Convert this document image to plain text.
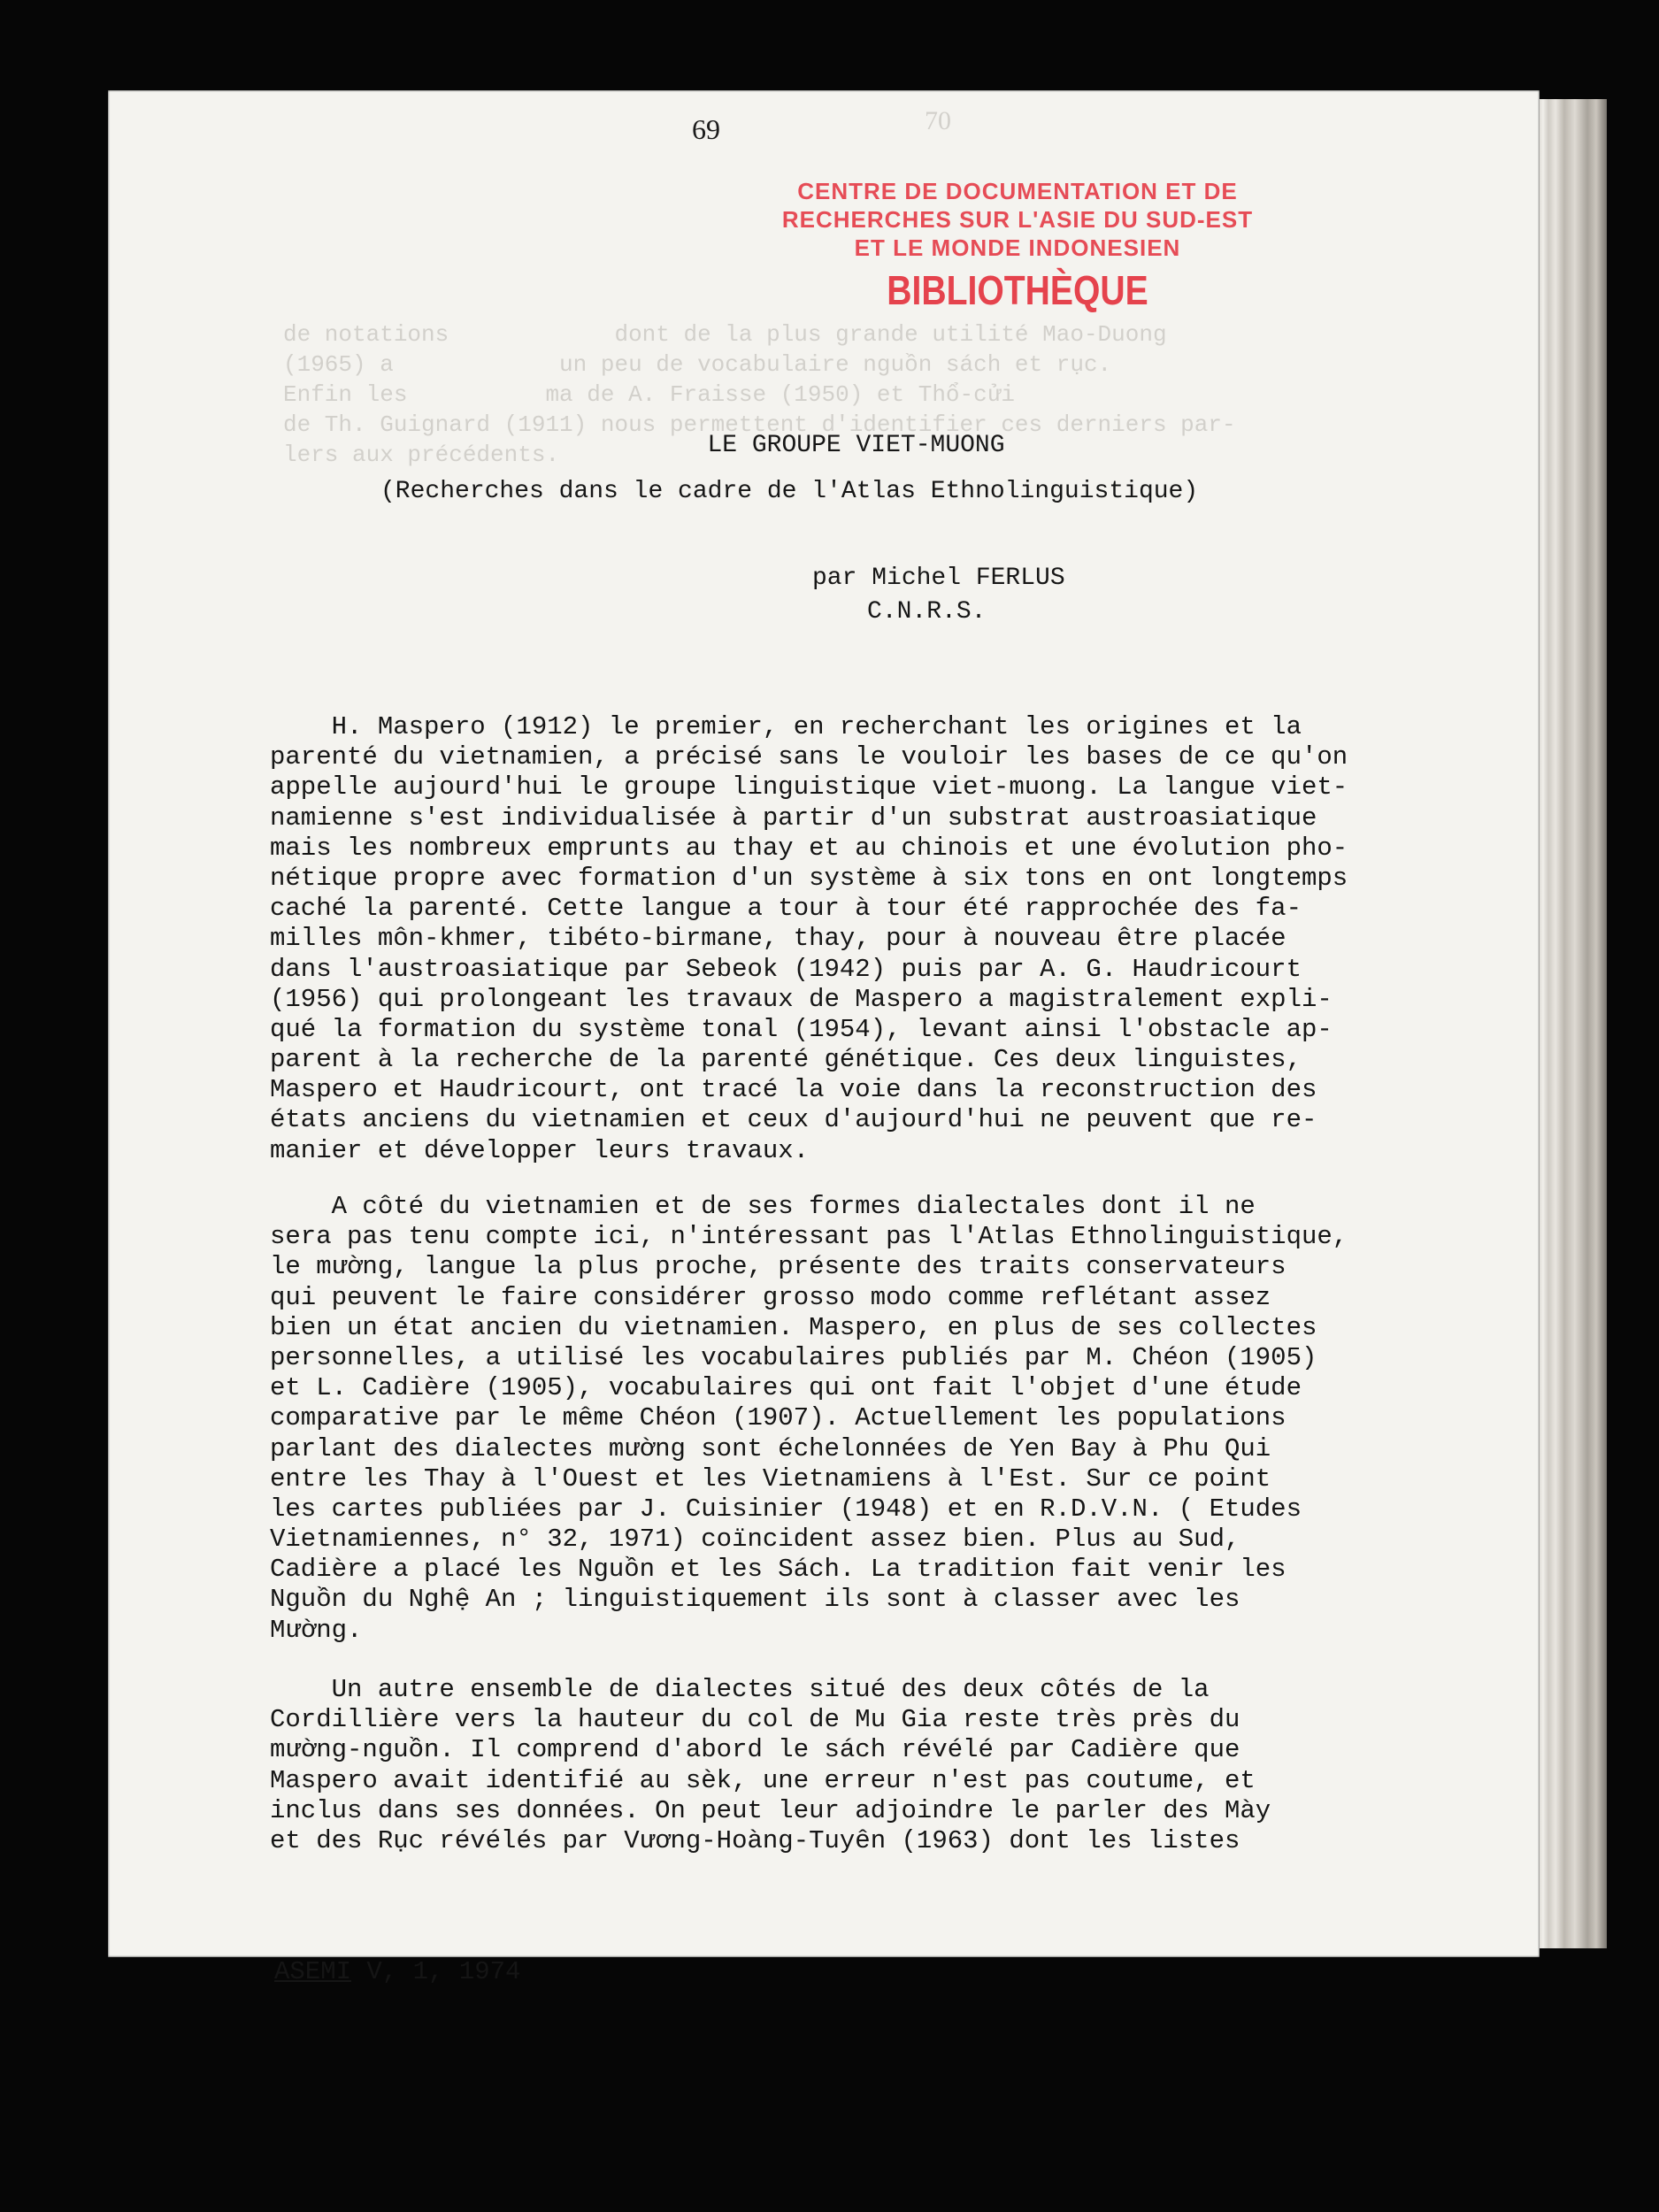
70
69
de notations            dont de la plus grande utilité Mao-Duong
(1965) a            un peu de vocabulaire nguồn sách et rục.
Enfin les          ma de A. Fraisse (1950) et Thổ-cửi
de Th. Guignard (1911) nous permettent d'identifier ces derniers par-
lers aux précédents.
CENTRE DE DOCUMENTATION ET DE
RECHERCHES SUR L'ASIE DU SUD-EST
ET LE MONDE INDONESIEN
BIBLIOTHÈQUE
LE GROUPE VIET-MUONG
(Recherches dans le cadre de l'Atlas Ethnolinguistique)
par Michel FERLUS
C.N.R.S.
H. Maspero (1912) le premier, en recherchant les origines et la
parenté du vietnamien, a précisé sans le vouloir les bases de ce qu'on
appelle aujourd'hui le groupe linguistique viet-muong. La langue viet-
namienne s'est individualisée à partir d'un substrat austroasiatique
mais les nombreux emprunts au thay et au chinois et une évolution pho-
nétique propre avec formation d'un système à six tons en ont longtemps
caché la parenté. Cette langue a tour à tour été rapprochée des fa-
milles môn-khmer, tibéto-birmane, thay, pour à nouveau être placée
dans l'austroasiatique par Sebeok (1942) puis par A. G. Haudricourt
(1956) qui prolongeant les travaux de Maspero a magistralement expli-
qué la formation du système tonal (1954), levant ainsi l'obstacle ap-
parent à la recherche de la parenté génétique. Ces deux linguistes,
Maspero et Haudricourt, ont tracé la voie dans la reconstruction des
états anciens du vietnamien et ceux d'aujourd'hui ne peuvent que re-
manier et développer leurs travaux.
A côté du vietnamien et de ses formes dialectales dont il ne
sera pas tenu compte ici, n'intéressant pas l'Atlas Ethnolinguistique,
le mường, langue la plus proche, présente des traits conservateurs
qui peuvent le faire considérer grosso modo comme reflétant assez
bien un état ancien du vietnamien. Maspero, en plus de ses collectes
personnelles, a utilisé les vocabulaires publiés par M. Chéon (1905)
et L. Cadière (1905), vocabulaires qui ont fait l'objet d'une étude
comparative par le même Chéon (1907). Actuellement les populations
parlant des dialectes mường sont échelonnées de Yen Bay à Phu Qui
entre les Thay à l'Ouest et les Vietnamiens à l'Est. Sur ce point
les cartes publiées par J. Cuisinier (1948) et en R.D.V.N. ( Etudes
Vietnamiennes, n° 32, 1971) coïncident assez bien. Plus au Sud,
Cadière a placé les Nguồn et les Sách. La tradition fait venir les
Nguồn du Nghệ An ; linguistiquement ils sont à classer avec les
Mường.
Un autre ensemble de dialectes situé des deux côtés de la
Cordillière vers la hauteur du col de Mu Gia reste très près du
mường-nguồn. Il comprend d'abord le sách révélé par Cadière que
Maspero avait identifié au sèk, une erreur n'est pas coutume, et
inclus dans ses données. On peut leur adjoindre le parler des Mày
et des Rục révélés par Vương-Hoàng-Tuyên (1963) dont les listes
ASEMI V, 1, 1974
